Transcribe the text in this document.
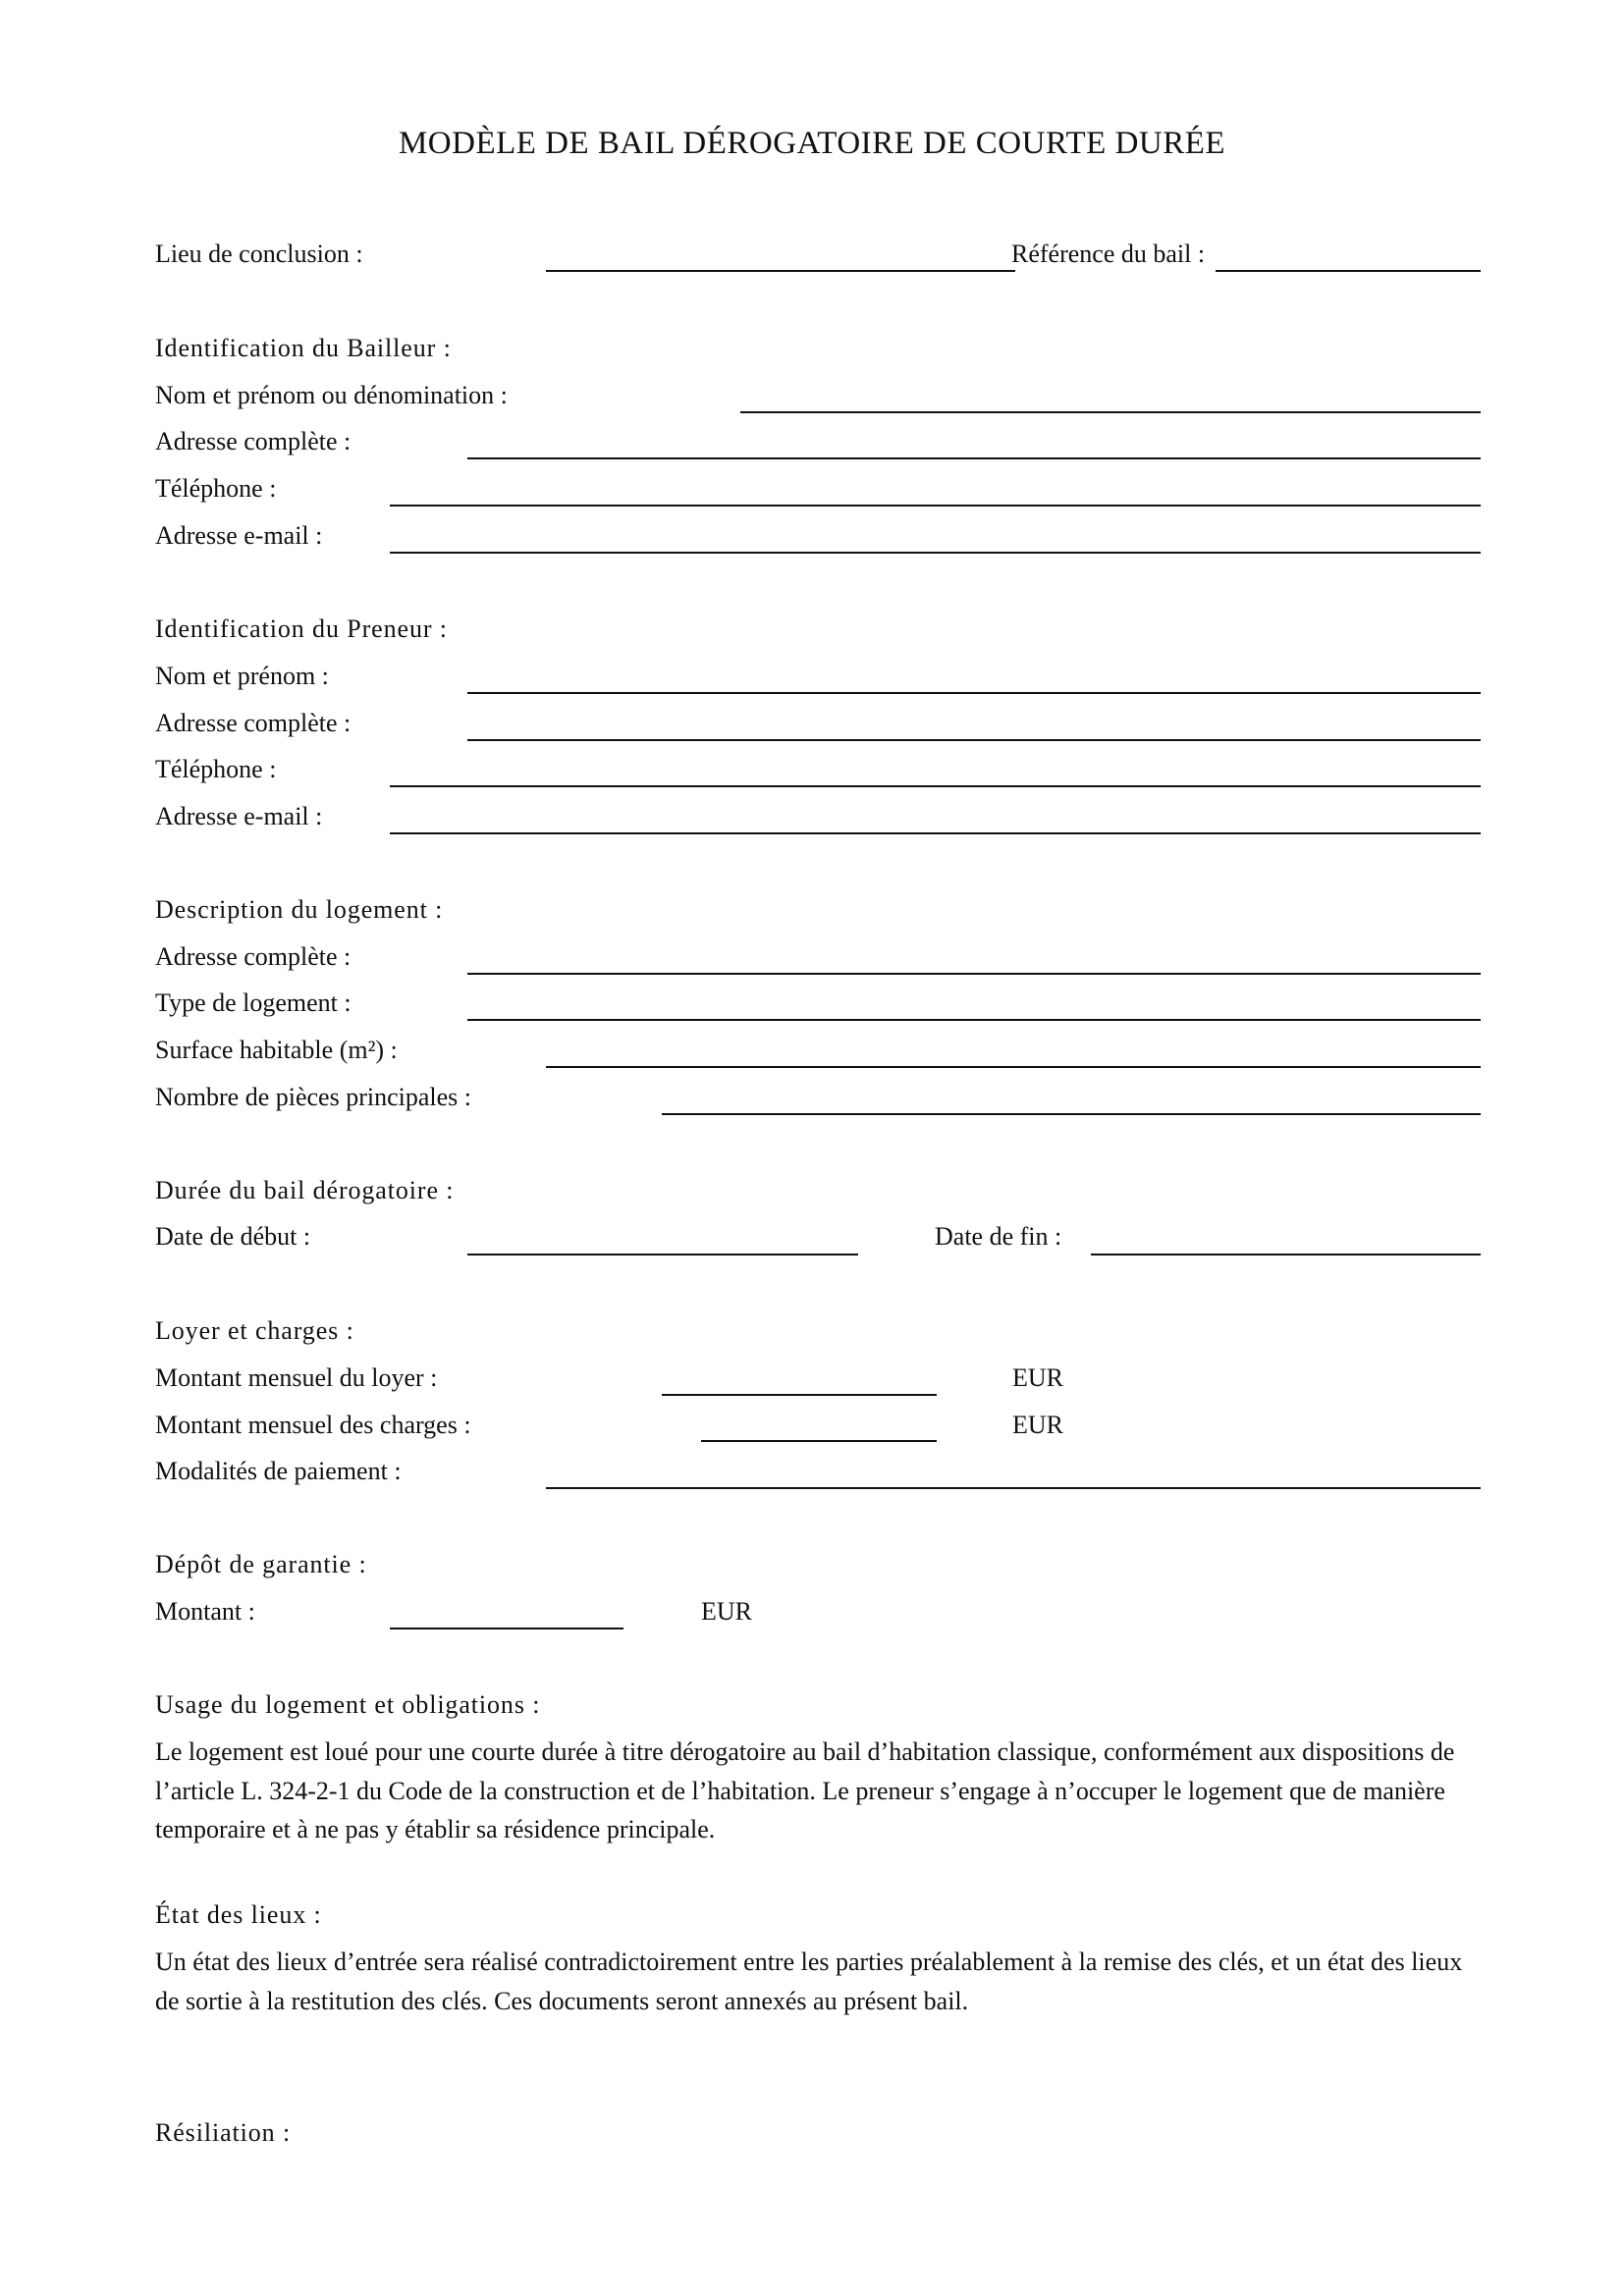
MODÈLE DE BAIL DÉROGATOIRE DE COURTE DURÉE
Lieu de conclusion :	Référence du bail :
Identification du Bailleur :
Nom et prénom ou dénomination :
Adresse complète :
Téléphone :
Adresse e-mail :
Identification du Preneur :
Nom et prénom :
Adresse complète :
Téléphone :
Adresse e-mail :
Description du logement :
Adresse complète :
Type de logement :
Surface habitable (m²) :
Nombre de pièces principales :
Durée du bail dérogatoire :
Date de début :	Date de fin :
Loyer et charges :
Montant mensuel du loyer :	EUR
Montant mensuel des charges :	EUR
Modalités de paiement :
Dépôt de garantie :
Montant :	EUR
Usage du logement et obligations :
Le logement est loué pour une courte durée à titre dérogatoire au bail d’habitation classique, conformément aux dispositions de l’article L. 324-2-1 du Code de la construction et de l’habitation. Le preneur s’engage à n’occuper le logement que de manière temporaire et à ne pas y établir sa résidence principale.
État des lieux :
Un état des lieux d’entrée sera réalisé contradictoirement entre les parties préalablement à la remise des clés, et un état des lieux de sortie à la restitution des clés. Ces documents seront annexés au présent bail.
Résiliation :
